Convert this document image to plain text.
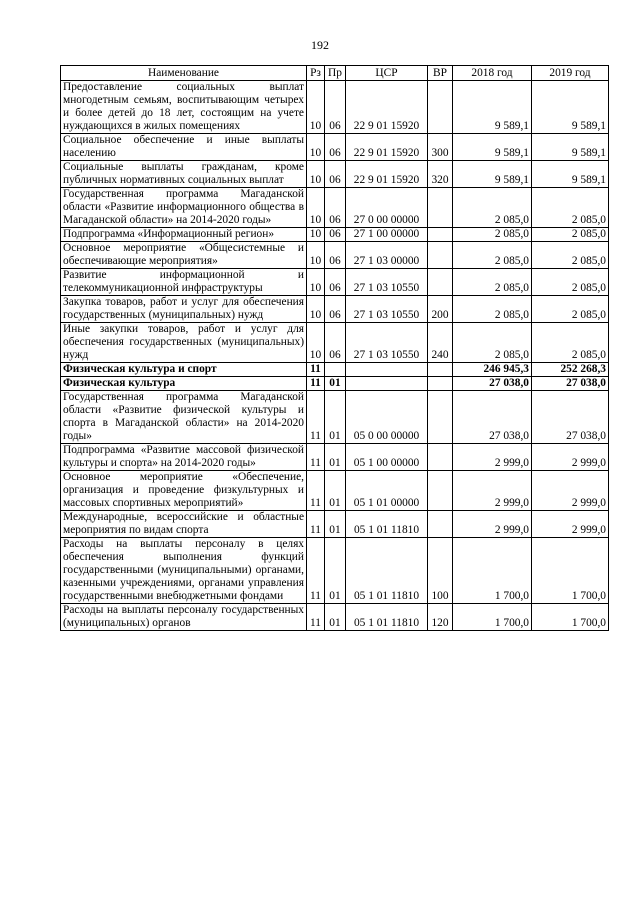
192
Наименование	Рз	Пр	ЦСР	ВР	2018 год	2019 год
Предоставление социальных выплат многодетным семьям, воспитывающим четырех и более детей до 18 лет, состоящим на учете нуждающихся в жилых помещениях	10	06	22 9 01 15920		9 589,1	9 589,1
Социальное обеспечение и иные выплаты населению	10	06	22 9 01 15920	300	9 589,1	9 589,1
Социальные выплаты гражданам, кроме публичных нормативных социальных выплат	10	06	22 9 01 15920	320	9 589,1	9 589,1
Государственная программа Магаданской области «Развитие информационного общества в Магаданской области» на 2014-2020 годы»	10	06	27 0 00 00000		2 085,0	2 085,0
Подпрограмма «Информационный регион»	10	06	27 1 00 00000		2 085,0	2 085,0
Основное мероприятие «Общесистемные и обеспечивающие мероприятия»	10	06	27 1 03 00000		2 085,0	2 085,0
Развитие информационной и телекоммуникационной инфраструктуры	10	06	27 1 03 10550		2 085,0	2 085,0
Закупка товаров, работ и услуг для обеспечения государственных (муниципальных) нужд	10	06	27 1 03 10550	200	2 085,0	2 085,0
Иные закупки товаров, работ и услуг для обеспечения государственных (муниципальных) нужд	10	06	27 1 03 10550	240	2 085,0	2 085,0
Физическая культура и спорт	11				246 945,3	252 268,3
Физическая культура	11	01			27 038,0	27 038,0
Государственная программа Магаданской области «Развитие физической культуры и спорта в Магаданской области» на 2014-2020 годы»	11	01	05 0 00 00000		27 038,0	27 038,0
Подпрограмма «Развитие массовой физической культуры и спорта» на 2014-2020 годы»	11	01	05 1 00 00000		2 999,0	2 999,0
Основное мероприятие «Обеспечение, организация и проведение физкультурных и массовых спортивных мероприятий»	11	01	05 1 01 00000		2 999,0	2 999,0
Международные, всероссийские и областные мероприятия по видам спорта	11	01	05 1 01 11810		2 999,0	2 999,0
Расходы на выплаты персоналу в целях обеспечения выполнения функций государственными (муниципальными) органами, казенными учреждениями, органами управления государственными внебюджетными фондами	11	01	05 1 01 11810	100	1 700,0	1 700,0
Расходы на выплаты персоналу государственных (муниципальных) органов	11	01	05 1 01 11810	120	1 700,0	1 700,0
